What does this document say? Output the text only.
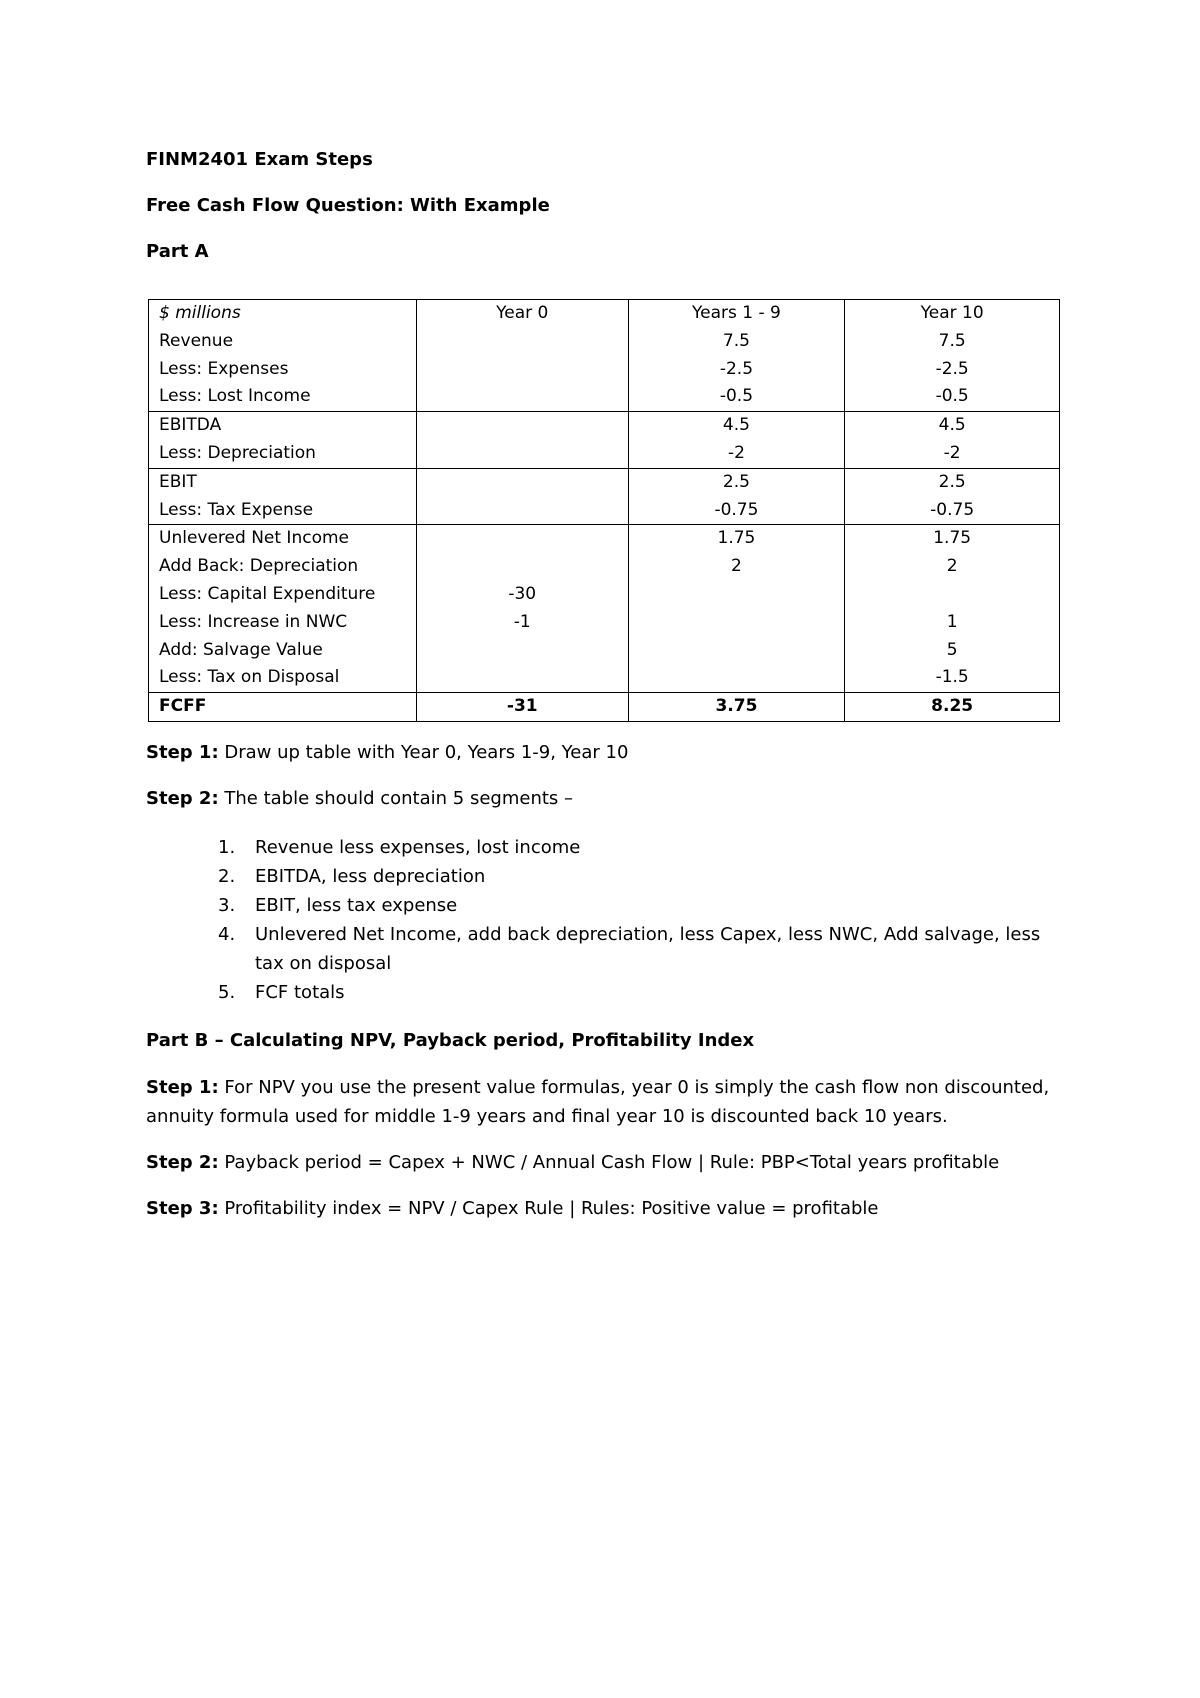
FINM2401 Exam Steps

Free Cash Flow Question: With Example

Part A

$ millions	Year 0	Years 1 - 9	Year 10
Revenue		7.5	7.5
Less: Expenses		-2.5	-2.5
Less: Lost Income		-0.5	-0.5
EBITDA		4.5	4.5
Less: Depreciation		-2	-2
EBIT		2.5	2.5
Less: Tax Expense		-0.75	-0.75
Unlevered Net Income		1.75	1.75
Add Back: Depreciation		2	2
Less: Capital Expenditure	-30		
Less: Increase in NWC	-1		1
Add: Salvage Value			5
Less: Tax on Disposal			-1.5
FCFF	-31	3.75	8.25

Step 1: Draw up table with Year 0, Years 1-9, Year 10

Step 2: The table should contain 5 segments –

1. Revenue less expenses, lost income
2. EBITDA, less depreciation
3. EBIT, less tax expense
4. Unlevered Net Income, add back depreciation, less Capex, less NWC, Add salvage, less tax on disposal
5. FCF totals

Part B – Calculating NPV, Payback period, Profitability Index

Step 1: For NPV you use the present value formulas, year 0 is simply the cash flow non discounted,

annuity formula used for middle 1-9 years and final year 10 is discounted back 10 years.

Step 2: Payback period = Capex + NWC / Annual Cash Flow | Rule: PBP<Total years profitable

Step 3: Profitability index = NPV / Capex Rule | Rules: Positive value = profitable
